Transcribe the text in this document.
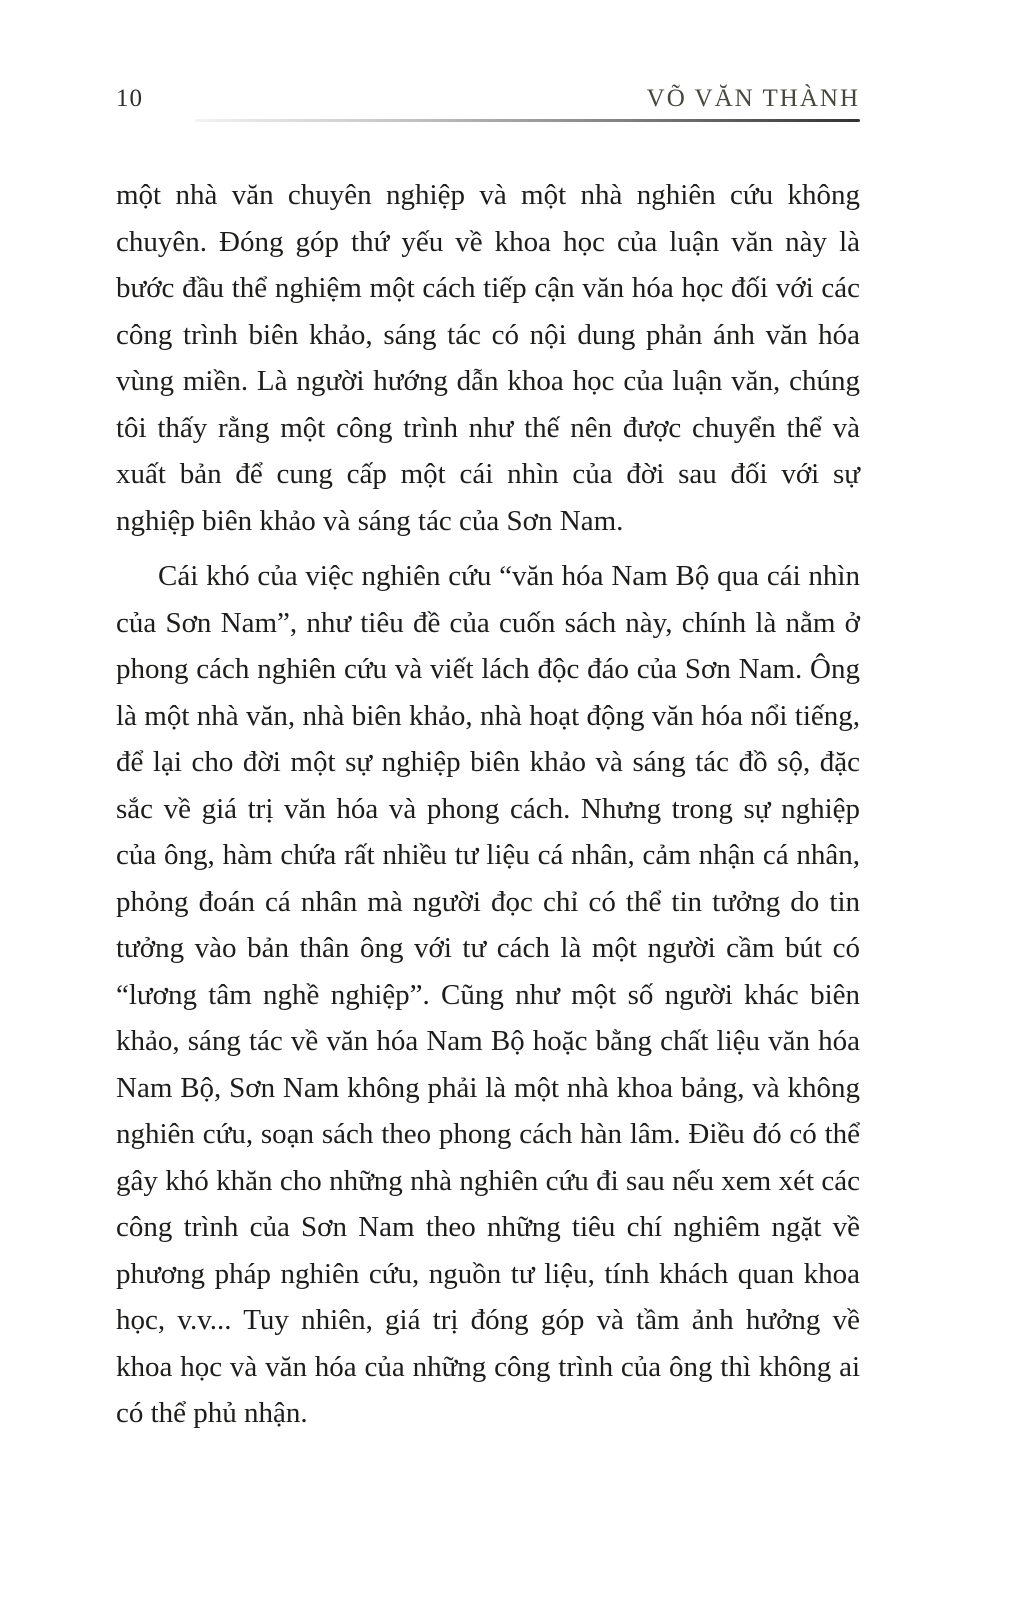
10	VÕ VĂN THÀNH

một nhà văn chuyên nghiệp và một nhà nghiên cứu không chuyên. Đóng góp thứ yếu về khoa học của luận văn này là bước đầu thể nghiệm một cách tiếp cận văn hóa học đối với các công trình biên khảo, sáng tác có nội dung phản ánh văn hóa vùng miền. Là người hướng dẫn khoa học của luận văn, chúng tôi thấy rằng một công trình như thế nên được chuyển thể và xuất bản để cung cấp một cái nhìn của đời sau đối với sự nghiệp biên khảo và sáng tác của Sơn Nam.

Cái khó của việc nghiên cứu “văn hóa Nam Bộ qua cái nhìn của Sơn Nam”, như tiêu đề của cuốn sách này, chính là nằm ở phong cách nghiên cứu và viết lách độc đáo của Sơn Nam. Ông là một nhà văn, nhà biên khảo, nhà hoạt động văn hóa nổi tiếng, để lại cho đời một sự nghiệp biên khảo và sáng tác đồ sộ, đặc sắc về giá trị văn hóa và phong cách. Nhưng trong sự nghiệp của ông, hàm chứa rất nhiều tư liệu cá nhân, cảm nhận cá nhân, phỏng đoán cá nhân mà người đọc chỉ có thể tin tưởng do tin tưởng vào bản thân ông với tư cách là một người cầm bút có “lương tâm nghề nghiệp”. Cũng như một số người khác biên khảo, sáng tác về văn hóa Nam Bộ hoặc bằng chất liệu văn hóa Nam Bộ, Sơn Nam không phải là một nhà khoa bảng, và không nghiên cứu, soạn sách theo phong cách hàn lâm. Điều đó có thể gây khó khăn cho những nhà nghiên cứu đi sau nếu xem xét các công trình của Sơn Nam theo những tiêu chí nghiêm ngặt về phương pháp nghiên cứu, nguồn tư liệu, tính khách quan khoa học, v.v... Tuy nhiên, giá trị đóng góp và tầm ảnh hưởng về khoa học và văn hóa của những công trình của ông thì không ai có thể phủ nhận.
